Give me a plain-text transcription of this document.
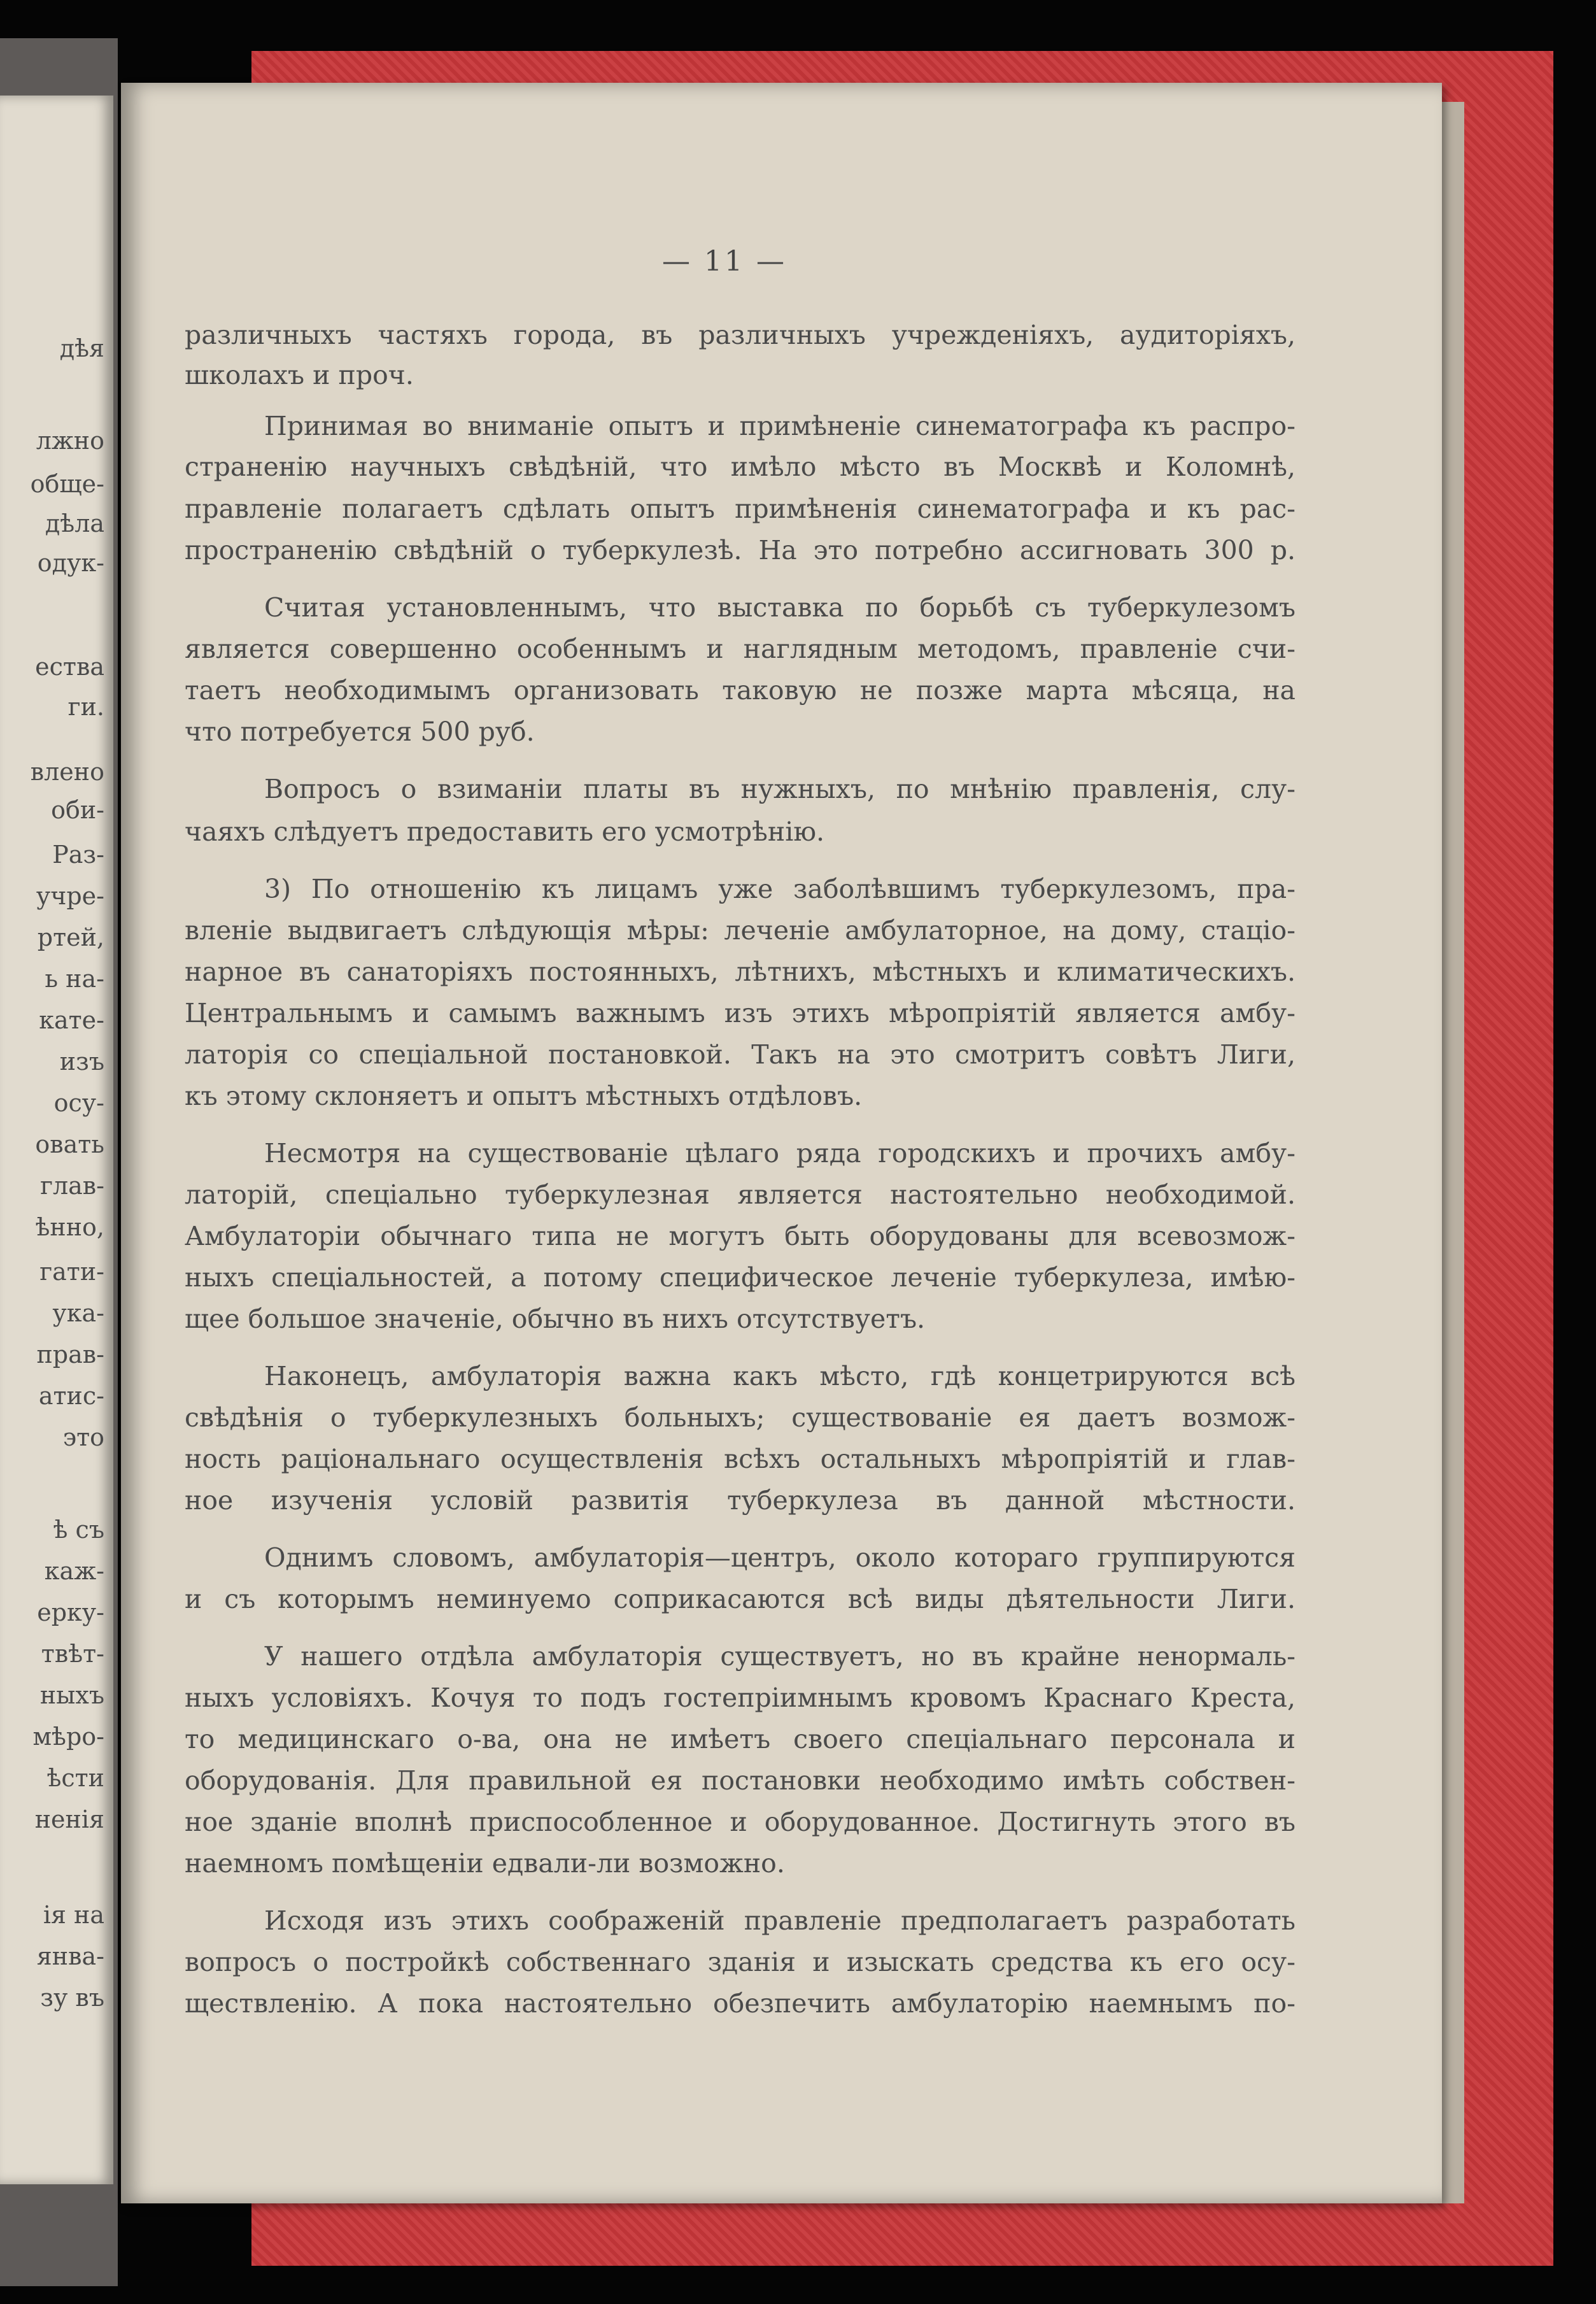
дѣя
лжно
обще-
дѣла
одук-
ества
ги.
влено
оби-
Раз-
учре-
ртей,
ь на-
кате-
изъ
осу-
овать
глав-
ѣнно,
гати-
ука-
прав-
атис-
это
ѣ съ
каж-
ерку-
твѣт-
ныхъ
мѣро-
ѣсти
ненія
ія на
янва-
зу въ
— 11 —
различныхъ частяхъ города, въ различныхъ учрежденіяхъ, аудиторіяхъ,
школахъ и проч.
Принимая во вниманіе опытъ и примѣненіе синематографа къ распро-
страненію научныхъ свѣдѣній, что имѣло мѣсто въ Москвѣ и Коломнѣ,
правленіе полагаетъ сдѣлать опытъ примѣненія синематографа и къ рас-
пространенію свѣдѣній о туберкулезѣ. На это потребно ассигновать 300 р.
Считая установленнымъ, что выставка по борьбѣ съ туберкулезомъ
является совершенно особеннымъ и наглядным методомъ, правленіе счи-
таетъ необходимымъ организовать таковую не позже марта мѣсяца, на
что потребуется 500 руб.
Вопросъ о взиманіи платы въ нужныхъ, по мнѣнію правленія, слу-
чаяхъ слѣдуетъ предоставить его усмотрѣнію.
3) По отношенію къ лицамъ уже заболѣвшимъ туберкулезомъ, пра-
вленіе выдвигаетъ слѣдующія мѣры: леченіе амбулаторное, на дому, стаціо-
нарное въ санаторіяхъ постоянныхъ, лѣтнихъ, мѣстныхъ и климатическихъ.
Центральнымъ и самымъ важнымъ изъ этихъ мѣропріятій является амбу-
латорія со спеціальной постановкой. Такъ на это смотритъ совѣтъ Лиги,
къ этому склоняетъ и опытъ мѣстныхъ отдѣловъ.
Несмотря на существованіе цѣлаго ряда городскихъ и прочихъ амбу-
латорій, спеціально туберкулезная является настоятельно необходимой.
Амбулаторіи обычнаго типа не могутъ быть оборудованы для всевозмож-
ныхъ спеціальностей, а потому специфическое леченіе туберкулеза, имѣю-
щее большое значеніе, обычно въ нихъ отсутствуетъ.
Наконецъ, амбулаторія важна какъ мѣсто, гдѣ концетрируются всѣ
свѣдѣнія о туберкулезныхъ больныхъ; существованіе ея даетъ возмож-
ность раціональнаго осуществленія всѣхъ остальныхъ мѣропріятій и глав-
ное изученія условій развитія туберкулеза въ данной мѣстности.
Однимъ словомъ, амбулаторія—центръ, около котораго группируются
и съ которымъ неминуемо соприкасаются всѣ виды дѣятельности Лиги.
У нашего отдѣла амбулаторія существуетъ, но въ крайне ненормаль-
ныхъ условіяхъ. Кочуя то подъ гостепріимнымъ кровомъ Краснаго Креста,
то медицинскаго о-ва, она не имѣетъ своего спеціальнаго персонала и
оборудованія. Для правильной ея постановки необходимо имѣть собствен-
ное зданіе вполнѣ приспособленное и оборудованное. Достигнуть этого въ
наемномъ помѣщеніи едвали-ли возможно.
Исходя изъ этихъ соображеній правленіе предполагаетъ разработать
вопросъ о постройкѣ собственнаго зданія и изыскать средства къ его осу-
ществленію. А пока настоятельно обезпечить амбулаторію наемнымъ по-
